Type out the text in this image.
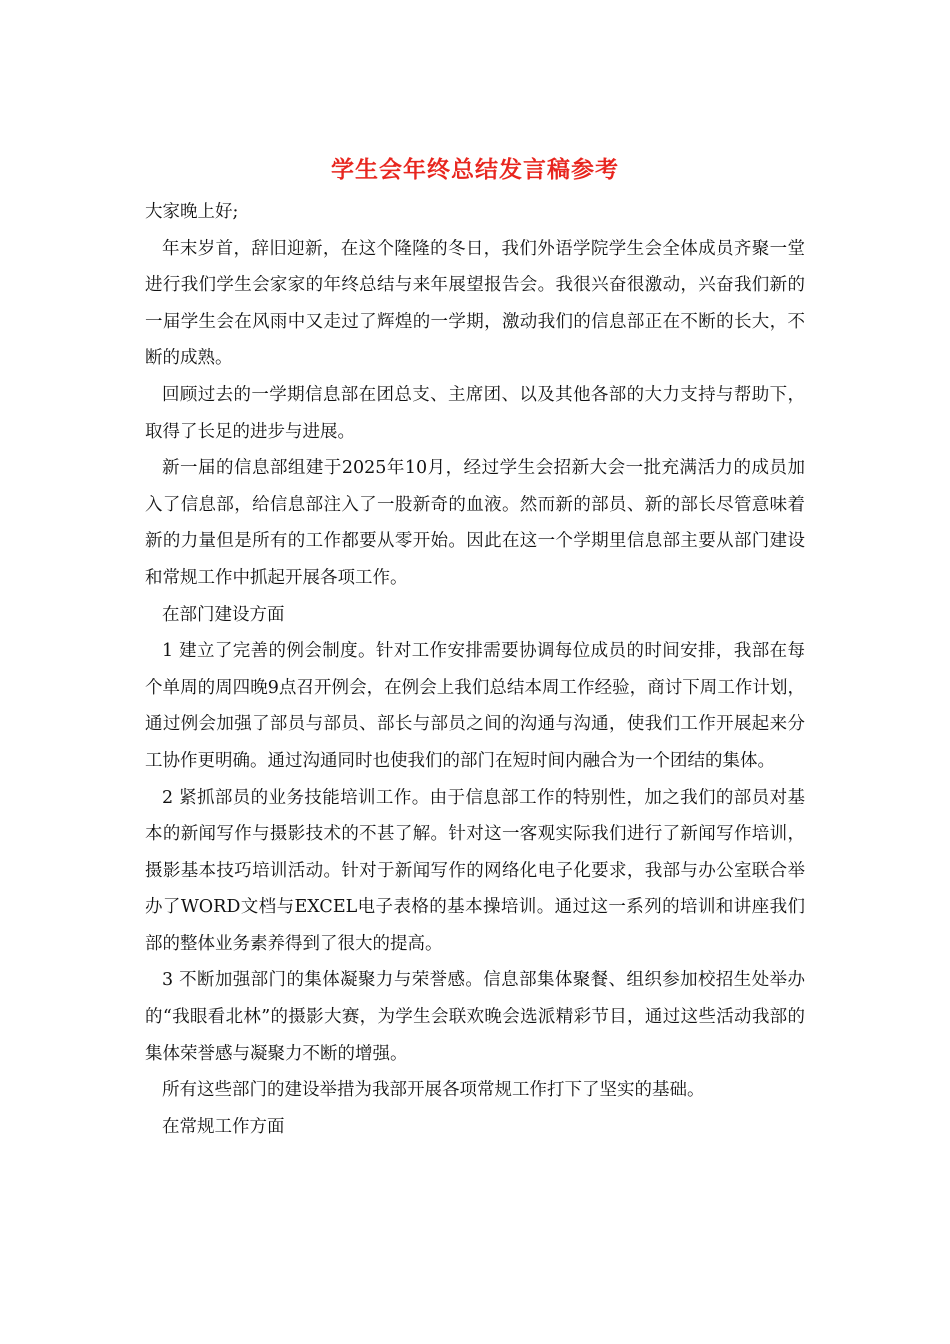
学生会年终总结发言稿参考

大家晚上好;

年末岁首，辞旧迎新，在这个隆隆的冬日，我们外语学院学生会全体成员齐聚一堂进行我们学生会家家的年终总结与来年展望报告会。我很兴奋很激动，兴奋我们新的一届学生会在风雨中又走过了辉煌的一学期，激动我们的信息部正在不断的长大，不断的成熟。

回顾过去的一学期信息部在团总支、主席团、以及其他各部的大力支持与帮助下，取得了长足的进步与进展。

新一届的信息部组建于2025年10月，经过学生会招新大会一批充满活力的成员加入了信息部，给信息部注入了一股新奇的血液。然而新的部员、新的部长尽管意味着新的力量但是所有的工作都要从零开始。因此在这一个学期里信息部主要从部门建设和常规工作中抓起开展各项工作。

在部门建设方面

1 建立了完善的例会制度。针对工作安排需要协调每位成员的时间安排，我部在每个单周的周四晚9点召开例会，在例会上我们总结本周工作经验，商讨下周工作计划，通过例会加强了部员与部员、部长与部员之间的沟通与沟通，使我们工作开展起来分工协作更明确。通过沟通同时也使我们的部门在短时间内融合为一个团结的集体。

2 紧抓部员的业务技能培训工作。由于信息部工作的特别性，加之我们的部员对基本的新闻写作与摄影技术的不甚了解。针对这一客观实际我们进行了新闻写作培训，摄影基本技巧培训活动。针对于新闻写作的网络化电子化要求，我部与办公室联合举办了WORD文档与EXCEL电子表格的基本操培训。通过这一系列的培训和讲座我们部的整体业务素养得到了很大的提高。

3 不断加强部门的集体凝聚力与荣誉感。信息部集体聚餐、组织参加校招生处举办的“我眼看北林”的摄影大赛，为学生会联欢晚会选派精彩节目，通过这些活动我部的集体荣誉感与凝聚力不断的增强。

所有这些部门的建设举措为我部开展各项常规工作打下了坚实的基础。

在常规工作方面
